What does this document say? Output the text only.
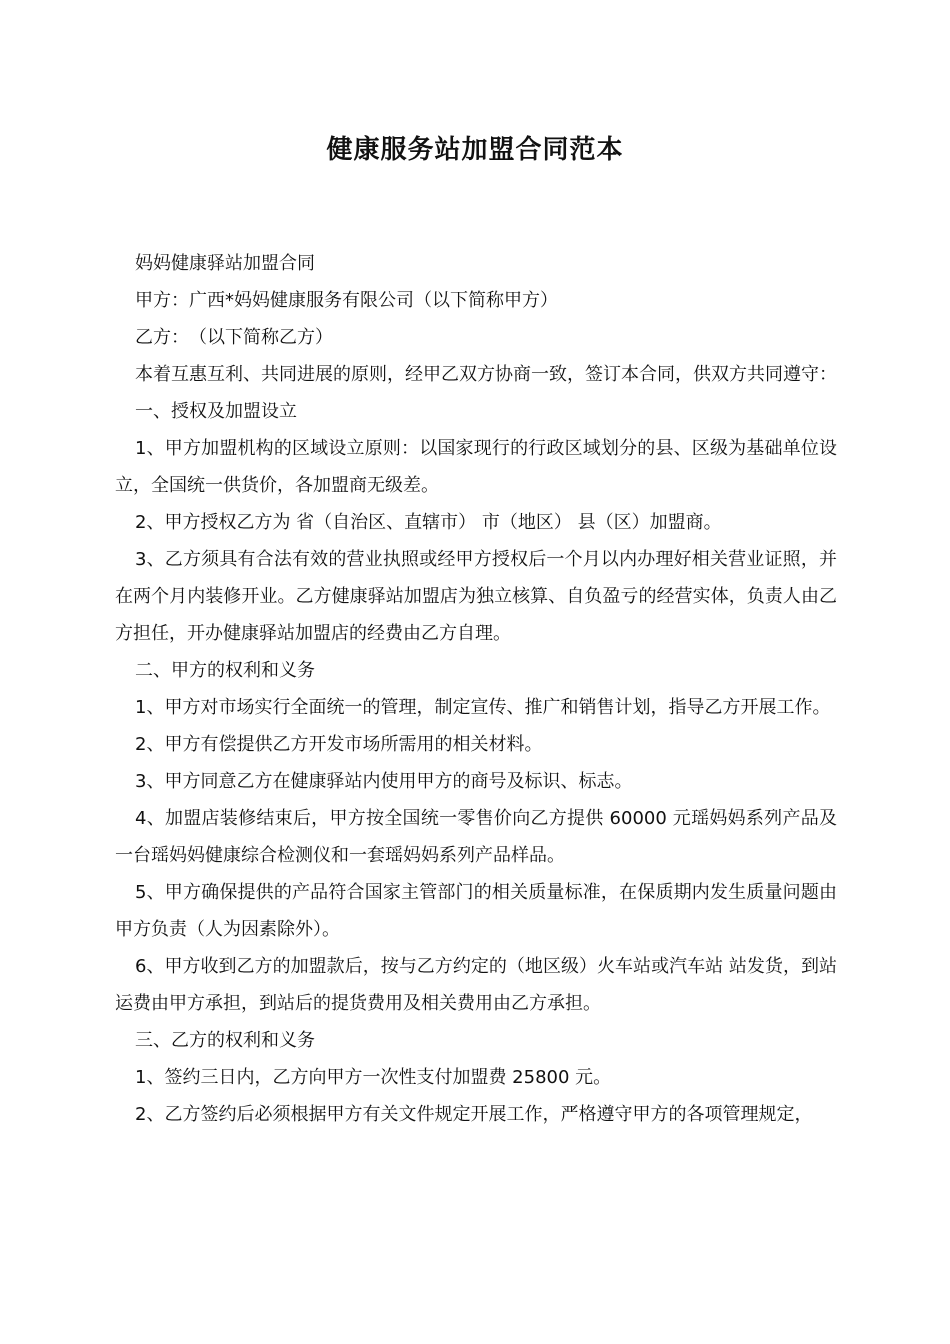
健康服务站加盟合同范本

妈妈健康驿站加盟合同

甲方：广西*妈妈健康服务有限公司（以下简称甲方）

乙方：　（以下简称乙方）

本着互惠互利、共同进展的原则，经甲乙双方协商一致，签订本合同，供双方共同遵守：

一、授权及加盟设立

1、甲方加盟机构的区域设立原则：以国家现行的行政区域划分的县、区级为基础单位设立，全国统一供货价，各加盟商无级差。

2、甲方授权乙方为 省（自治区、直辖市） 市（地区） 县（区）加盟商。

3、乙方须具有合法有效的营业执照或经甲方授权后一个月以内办理好相关营业证照，并在两个月内装修开业。乙方健康驿站加盟店为独立核算、自负盈亏的经营实体，负责人由乙方担任，开办健康驿站加盟店的经费由乙方自理。

二、甲方的权利和义务

1、甲方对市场实行全面统一的管理，制定宣传、推广和销售计划，指导乙方开展工作。

2、甲方有偿提供乙方开发市场所需用的相关材料。

3、甲方同意乙方在健康驿站内使用甲方的商号及标识、标志。

4、加盟店装修结束后，甲方按全国统一零售价向乙方提供 60000 元瑶妈妈系列产品及一台瑶妈妈健康综合检测仪和一套瑶妈妈系列产品样品。

5、甲方确保提供的产品符合国家主管部门的相关质量标准，在保质期内发生质量问题由甲方负责（人为因素除外）。

6、甲方收到乙方的加盟款后，按与乙方约定的（地区级）火车站或汽车站 站发货，到站运费由甲方承担，到站后的提货费用及相关费用由乙方承担。

三、乙方的权利和义务

1、签约三日内，乙方向甲方一次性支付加盟费 25800 元。

2、乙方签约后必须根据甲方有关文件规定开展工作，严格遵守甲方的各项管理规定，
